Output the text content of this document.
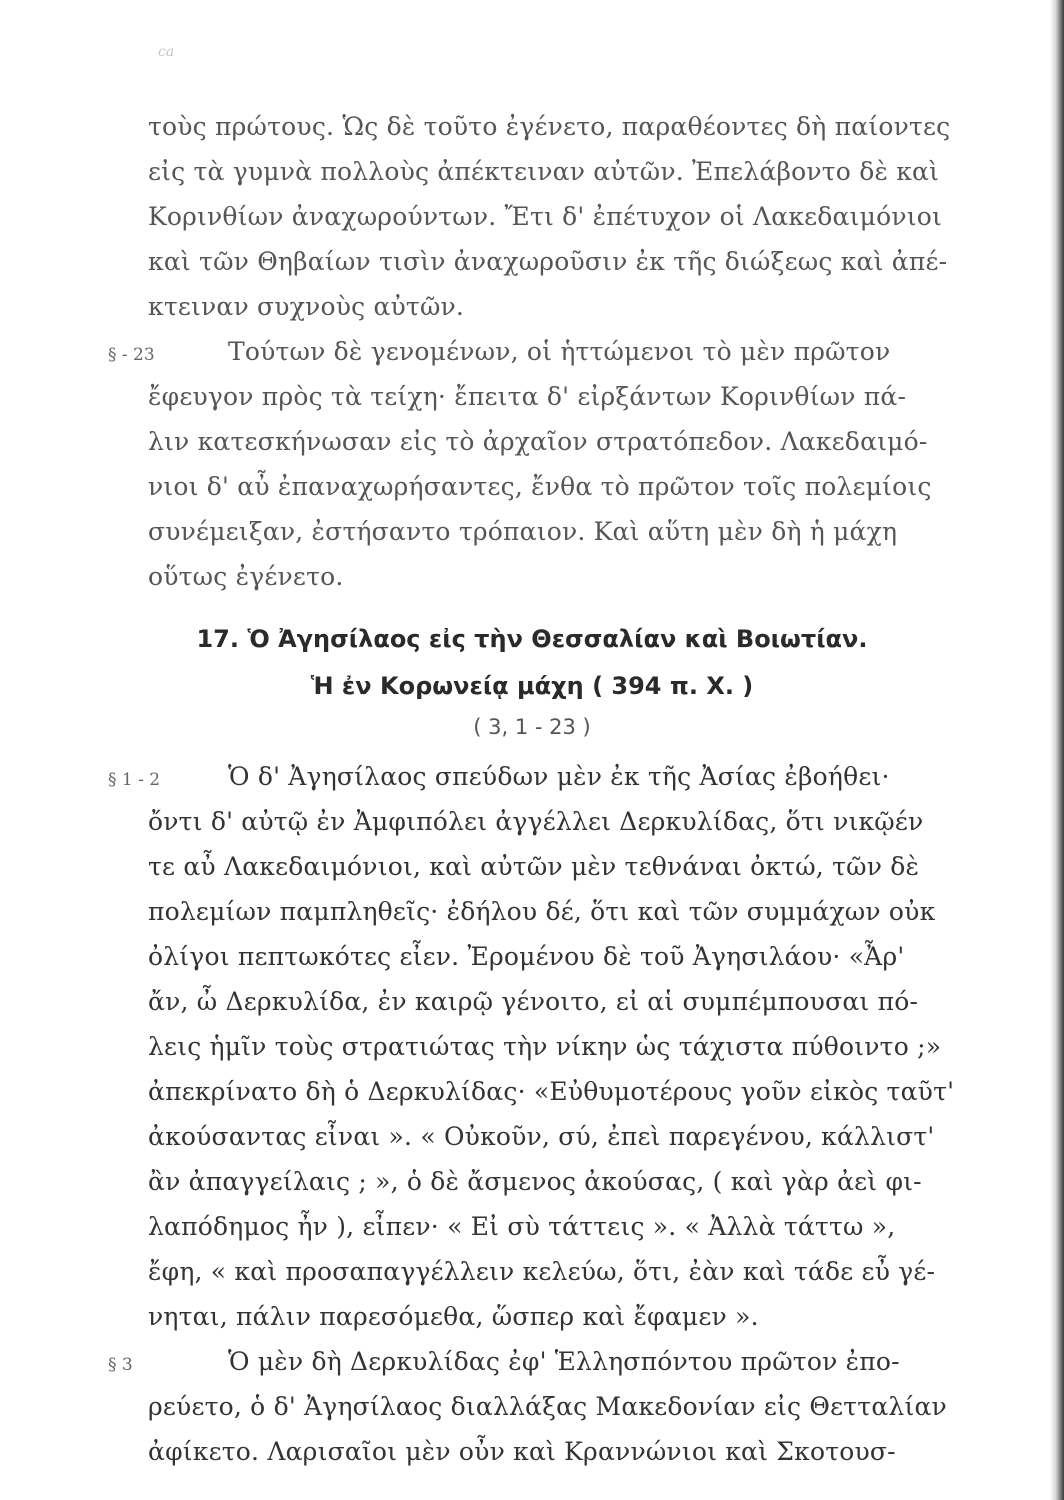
ca
τοὺς πρώτους. Ὡς δὲ τοῦτο ἐγένετο, παραθέοντες δὴ παίοντες
εἰς τὰ γυμνὰ πολλοὺς ἀπέκτειναν αὐτῶν. Ἐπελάβοντο δὲ καὶ
Κορινθίων ἀναχωρούντων. Ἔτι δ' ἐπέτυχον οἱ Λακεδαιμόνιοι
καὶ τῶν Θηβαίων τισὶν ἀναχωροῦσιν ἐκ τῆς διώξεως καὶ ἀπέ-
κτειναν συχνοὺς αὐτῶν.
§ - 23	Τούτων δὲ γενομένων, οἱ ἡττώμενοι τὸ μὲν πρῶτον
ἔφευγον πρὸς τὰ τείχη· ἔπειτα δ' εἰρξάντων Κορινθίων πά-
λιν κατεσκήνωσαν εἰς τὸ ἀρχαῖον στρατόπεδον. Λακεδαιμό-
νιοι δ' αὖ ἐπαναχωρήσαντες, ἔνθα τὸ πρῶτον τοῖς πολεμίοις
συνέμειξαν, ἐστήσαντο τρόπαιον. Καὶ αὕτη μὲν δὴ ἡ μάχη
οὕτως ἐγένετο.
17. Ὁ Ἀγησίλαος εἰς τὴν Θεσσαλίαν καὶ Βοιωτίαν.
Ἡ ἐν Κορωνείᾳ μάχη ( 394 π. Χ. )
( 3, 1 - 23 )
§ 1 - 2	Ὁ δ' Ἀγησίλαος σπεύδων μὲν ἐκ τῆς Ἀσίας ἐβοήθει·
ὄντι δ' αὐτῷ ἐν Ἀμφιπόλει ἀγγέλλει Δερκυλίδας, ὅτι νικῷέν
τε αὖ Λακεδαιμόνιοι, καὶ αὐτῶν μὲν τεθνάναι ὀκτώ, τῶν δὲ
πολεμίων παμπληθεῖς· ἐδήλου δέ, ὅτι καὶ τῶν συμμάχων οὐκ
ὀλίγοι πεπτωκότες εἶεν. Ἐρομένου δὲ τοῦ Ἀγησιλάου· «Ἆρ'
ἄν, ὦ Δερκυλίδα, ἐν καιρῷ γένοιτο, εἰ αἱ συμπέμπουσαι πό-
λεις ἡμῖν τοὺς στρατιώτας τὴν νίκην ὡς τάχιστα πύθοιντο ;»
ἀπεκρίνατο δὴ ὁ Δερκυλίδας· «Εὐθυμοτέρους γοῦν εἰκὸς ταῦτ'
ἀκούσαντας εἶναι ». « Οὐκοῦν, σύ, ἐπεὶ παρεγένου, κάλλιστ'
ἂν ἀπαγγείλαις ; », ὁ δὲ ἄσμενος ἀκούσας, ( καὶ γὰρ ἀεὶ φι-
λαπόδημος ἦν ), εἶπεν· « Εἰ σὺ τάττεις ». « Ἀλλὰ τάττω »,
ἔφη, « καὶ προσαπαγγέλλειν κελεύω, ὅτι, ἐὰν καὶ τάδε εὖ γέ-
νηται, πάλιν παρεσόμεθα, ὥσπερ καὶ ἔφαμεν ».
§ 3	Ὁ μὲν δὴ Δερκυλίδας ἐφ' Ἑλλησπόντου πρῶτον ἐπο-
ρεύετο, ὁ δ' Ἀγησίλαος διαλλάξας Μακεδονίαν εἰς Θετταλίαν
ἀφίκετο. Λαρισαῖοι μὲν οὖν καὶ Κραννώνιοι καὶ Σκοτουσ-
